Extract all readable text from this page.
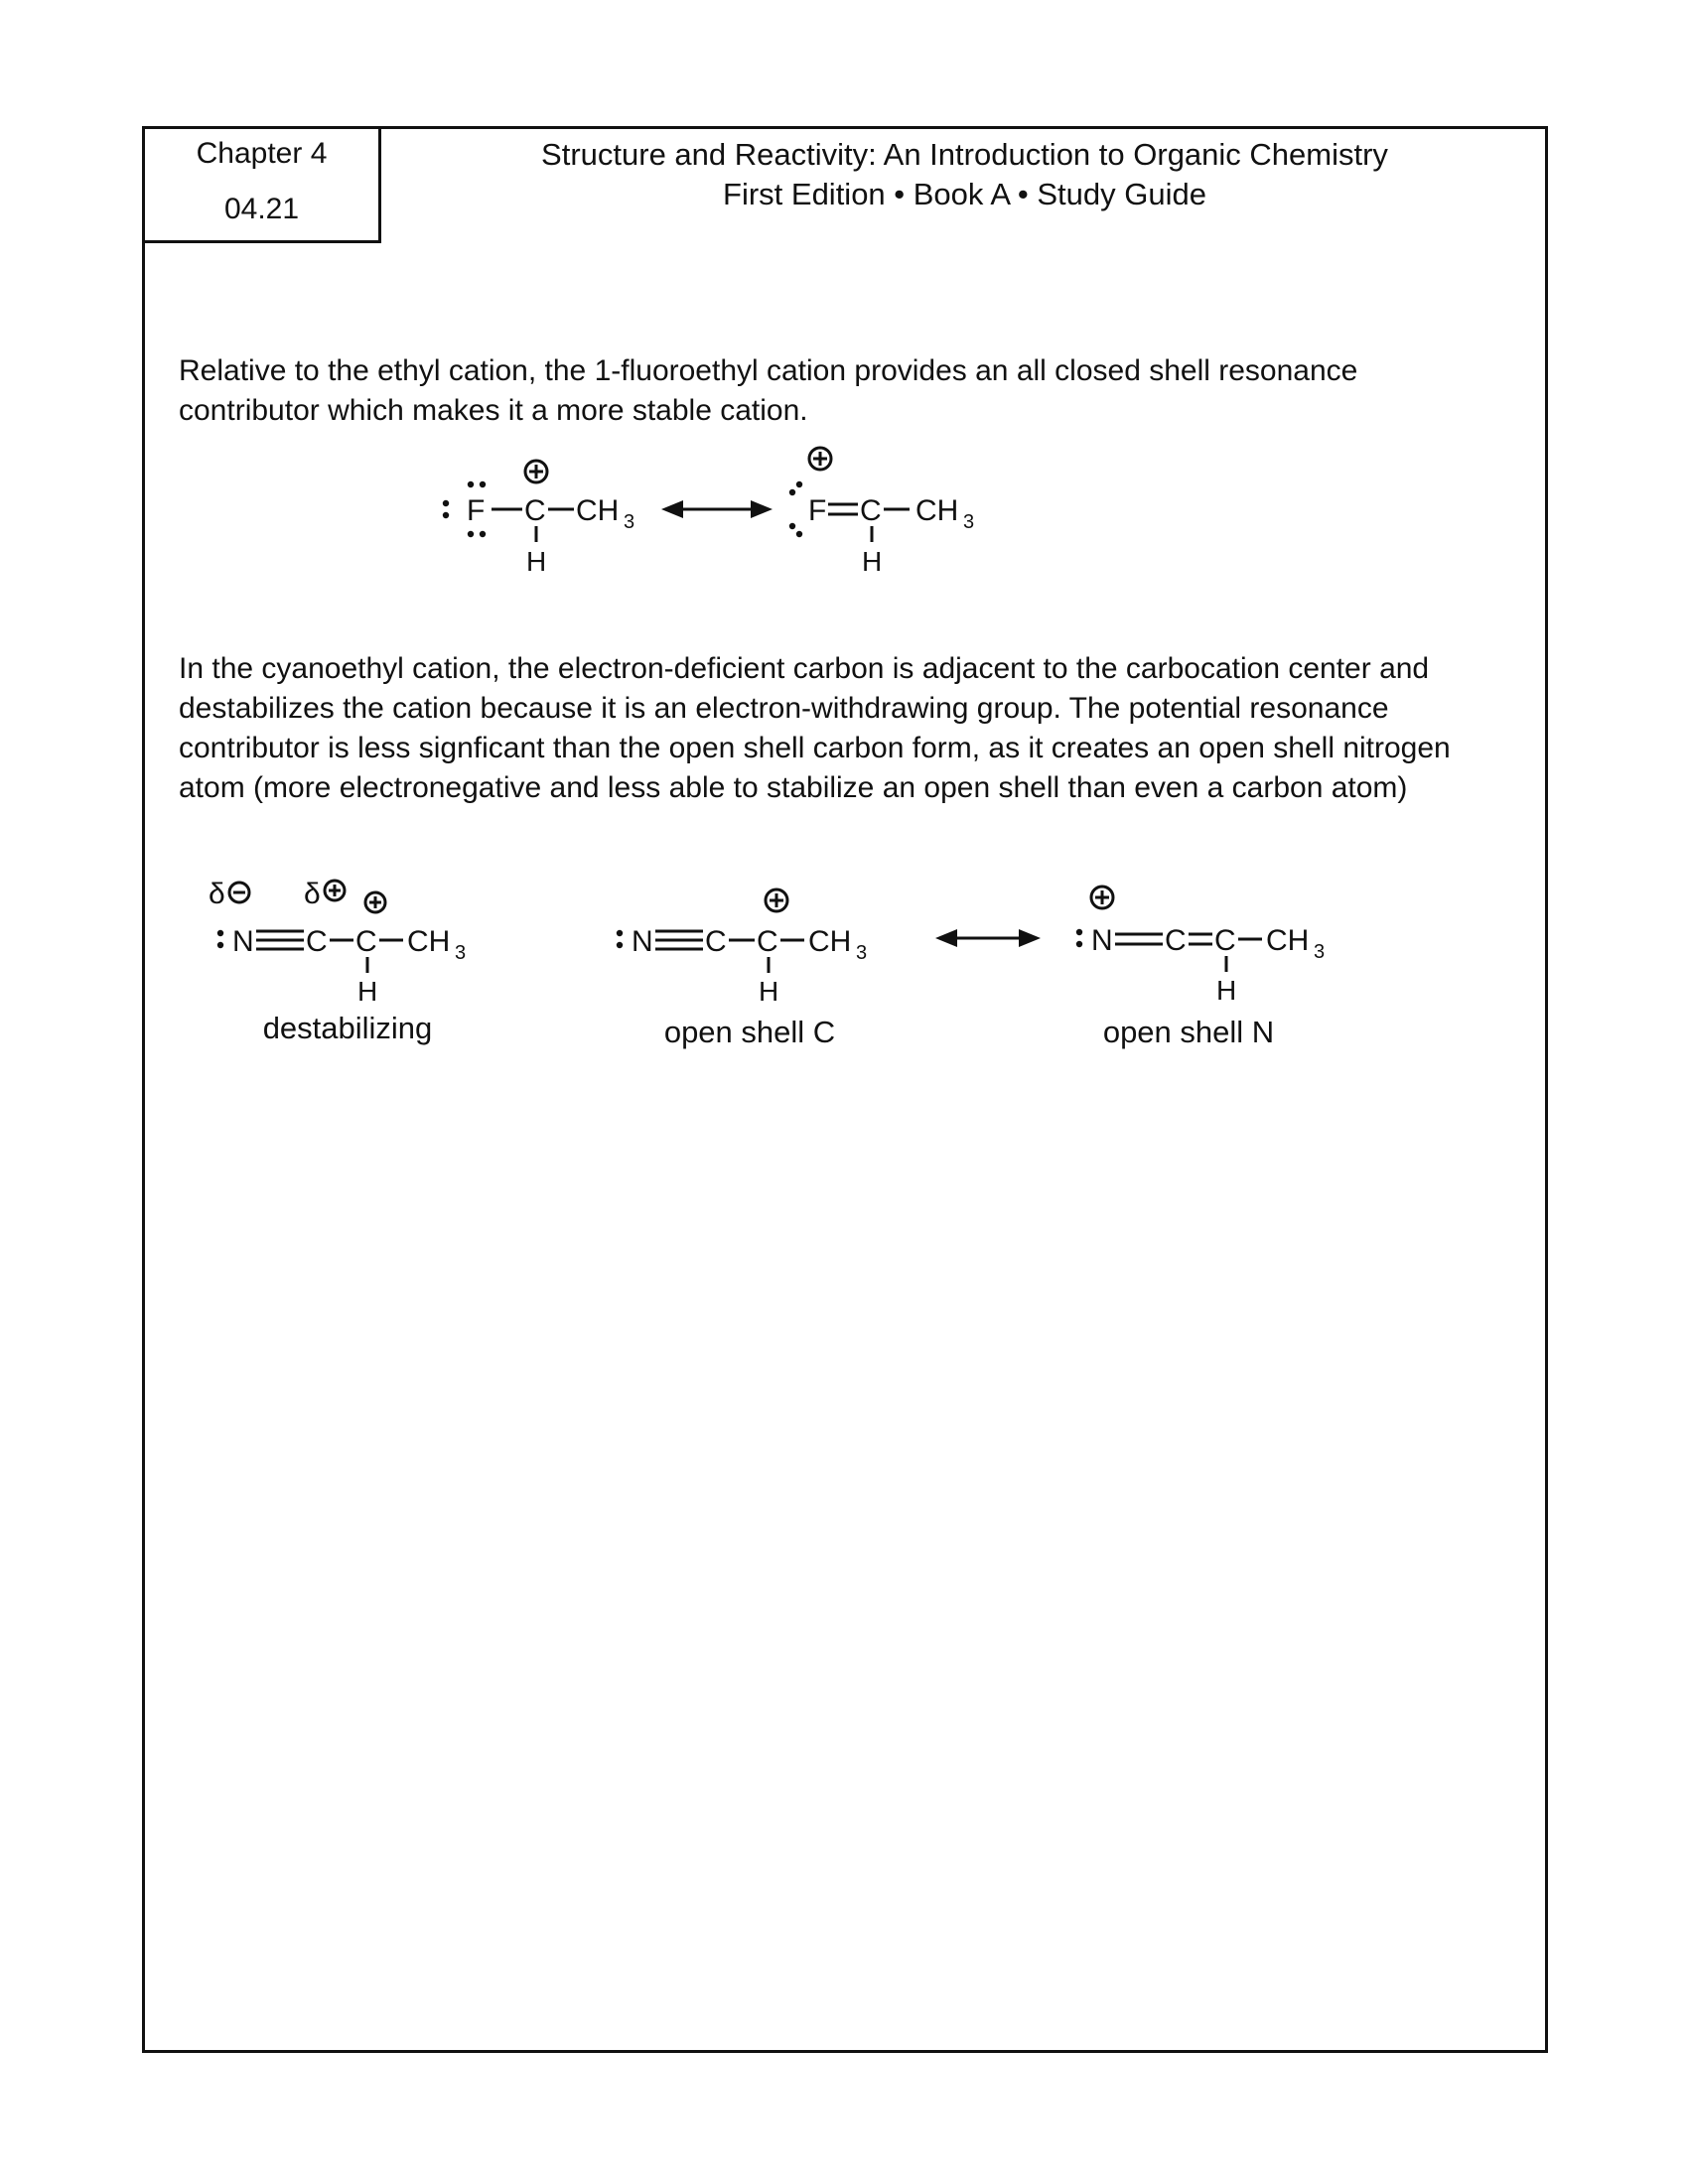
Chapter 4
04.21
Structure and Reactivity: An Introduction to Organic Chemistry
First Edition • Book A • Study Guide
Relative to the ethyl cation, the 1-fluoroethyl cation provides an all closed shell resonance contributor which makes it a more stable cation.
F C CH 3
H
F C CH 3
H
In the cyanoethyl cation, the electron-deficient carbon is adjacent to the carbocation center and destabilizes the cation because it is an electron-withdrawing group. The potential resonance contributor is less signficant than the open shell carbon form, as it creates an open shell nitrogen atom (more electronegative and less able to stabilize an open shell than even a carbon atom)
δ	δ
N C C CH 3
H
destabilizing
N C C CH 3
H
open shell C
N C C CH 3
H
open shell N
